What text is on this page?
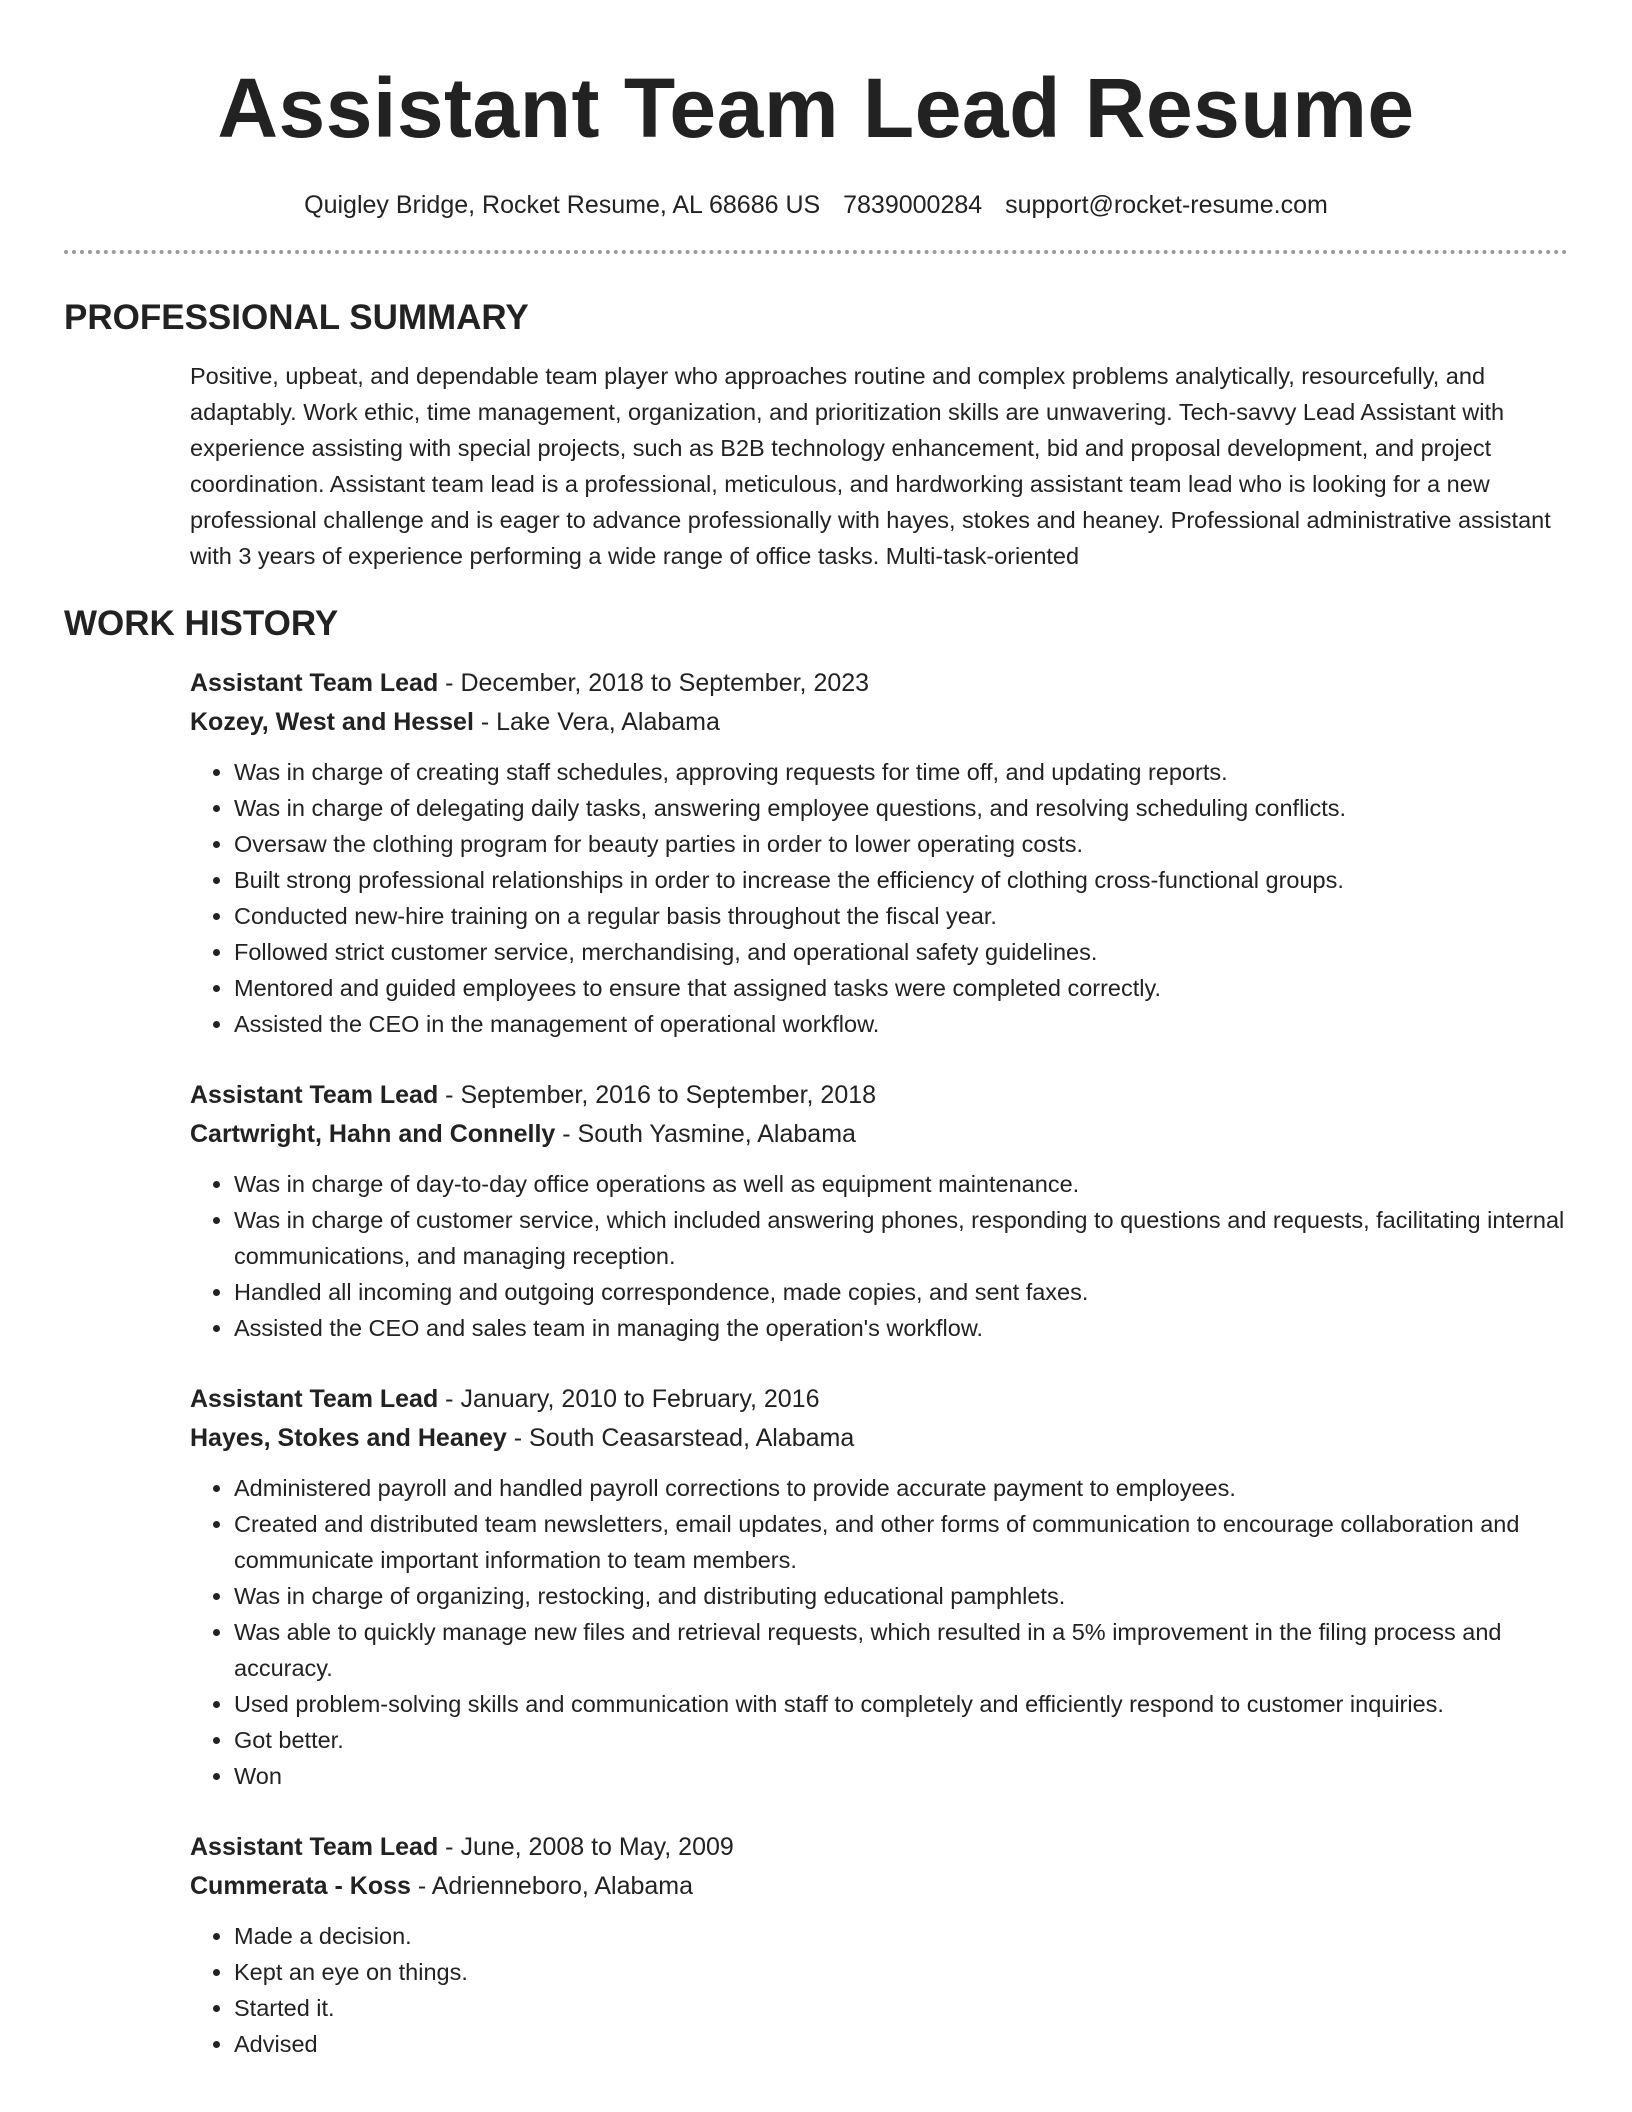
Assistant Team Lead Resume
Quigley Bridge, Rocket Resume, AL 68686 US 7839000284 support@rocket-resume.com
PROFESSIONAL SUMMARY

Positive, upbeat, and dependable team player who approaches routine and complex problems analytically, resourcefully, and adaptably. Work ethic, time management, organization, and prioritization skills are unwavering. Tech-savvy Lead Assistant with experience assisting with special projects, such as B2B technology enhancement, bid and proposal development, and project coordination. Assistant team lead is a professional, meticulous, and hardworking assistant team lead who is looking for a new professional challenge and is eager to advance professionally with hayes, stokes and heaney. Professional administrative assistant with 3 years of experience performing a wide range of office tasks. Multi-task-oriented

WORK HISTORY
Assistant Team Lead - December, 2018 to September, 2023
Kozey, West and Hessel - Lake Vera, Alabama
• Was in charge of creating staff schedules, approving requests for time off, and updating reports.
• Was in charge of delegating daily tasks, answering employee questions, and resolving scheduling conflicts.
• Oversaw the clothing program for beauty parties in order to lower operating costs.
• Built strong professional relationships in order to increase the efficiency of clothing cross-functional groups.
• Conducted new-hire training on a regular basis throughout the fiscal year.
• Followed strict customer service, merchandising, and operational safety guidelines.
• Mentored and guided employees to ensure that assigned tasks were completed correctly.
• Assisted the CEO in the management of operational workflow.
Assistant Team Lead - September, 2016 to September, 2018
Cartwright, Hahn and Connelly - South Yasmine, Alabama
• Was in charge of day-to-day office operations as well as equipment maintenance.
• Was in charge of customer service, which included answering phones, responding to questions and requests, facilitating internal communications, and managing reception.
• Handled all incoming and outgoing correspondence, made copies, and sent faxes.
• Assisted the CEO and sales team in managing the operation's workflow.
Assistant Team Lead - January, 2010 to February, 2016
Hayes, Stokes and Heaney - South Ceasarstead, Alabama
• Administered payroll and handled payroll corrections to provide accurate payment to employees.
• Created and distributed team newsletters, email updates, and other forms of communication to encourage collaboration and communicate important information to team members.
• Was in charge of organizing, restocking, and distributing educational pamphlets.
• Was able to quickly manage new files and retrieval requests, which resulted in a 5% improvement in the filing process and accuracy.
• Used problem-solving skills and communication with staff to completely and efficiently respond to customer inquiries.
• Got better.
• Won
Assistant Team Lead - June, 2008 to May, 2009
Cummerata - Koss - Adrienneboro, Alabama
• Made a decision.
• Kept an eye on things.
• Started it.
• Advised
